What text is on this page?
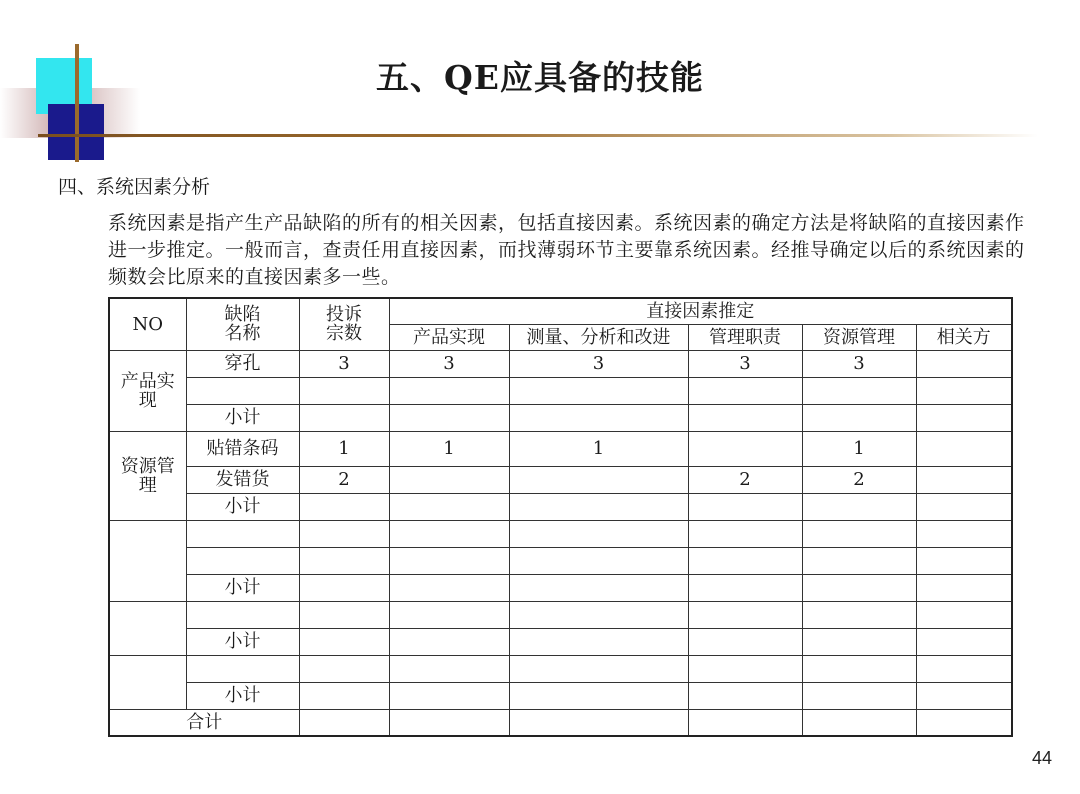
五、QE应具备的技能
四、系统因素分析
系统因素是指产生产品缺陷的所有的相关因素，包括直接因素。系统因素的确定方法是将缺陷的直接因素作进一步推定。一般而言，查责任用直接因素，而找薄弱环节主要靠系统因素。经推导确定以后的系统因素的频数会比原来的直接因素多一些。
NO	缺陷名称	投诉宗数	直接因素推定				
			产品实现	测量、分析和改进	管理职责	资源管理	相关方
产品实现	穿孔	3	3	3	3	3	

	小计						
资源管理	贴错条码	1	1	1		1	
	发错货	2			2	2	
	小计						

	小计						

	小计						

	小计						
合计							
44
